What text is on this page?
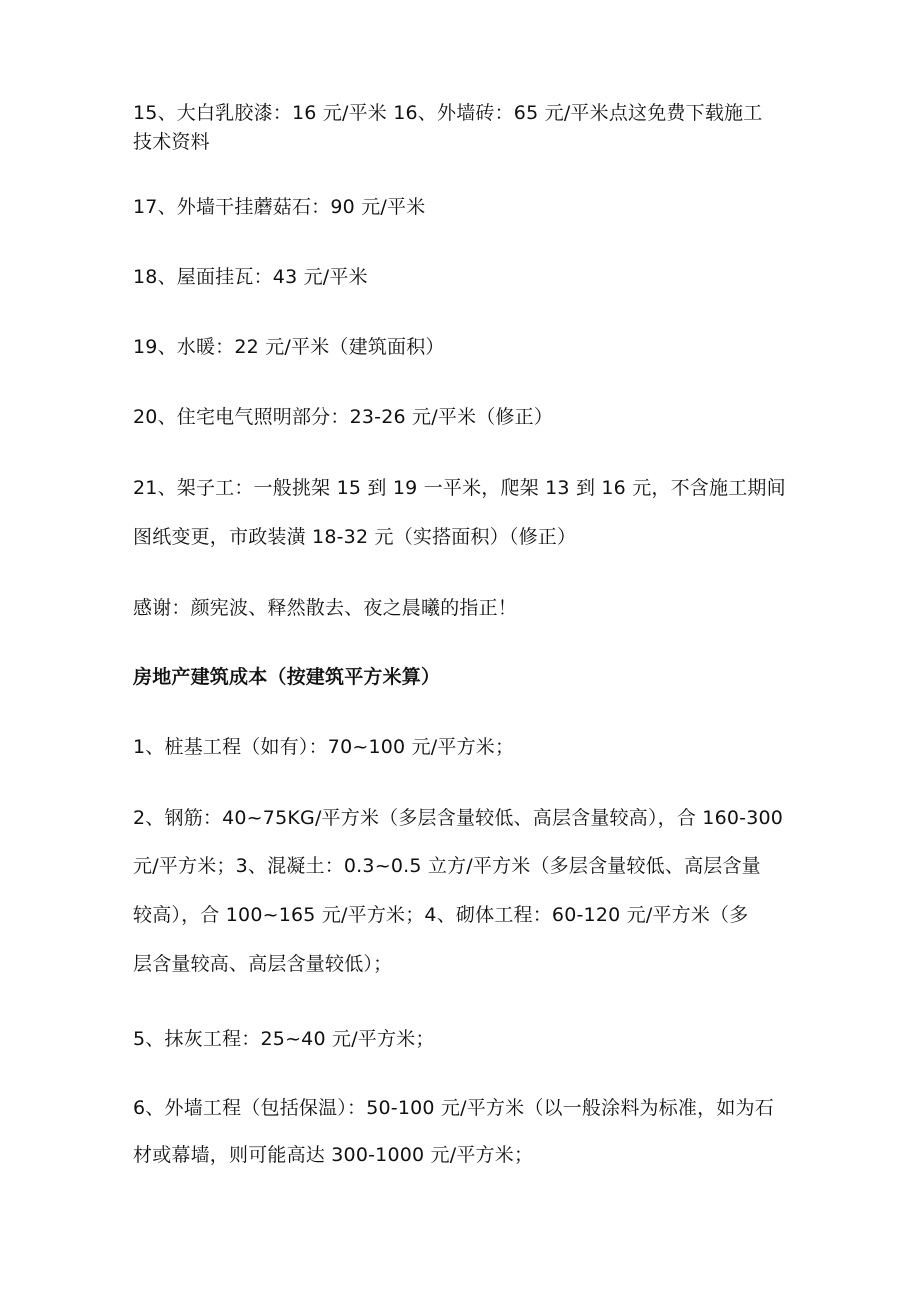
15、大白乳胶漆：16 元/平米 16、外墙砖：65 元/平米点这免费下载施工
技术资料
17、外墙干挂蘑菇石：90 元/平米
18、屋面挂瓦：43 元/平米
19、水暖：22 元/平米（建筑面积）
20、住宅电气照明部分：23-26 元/平米（修正）
21、架子工：一般挑架 15 到 19 一平米，爬架 13 到 16 元，不含施工期间
图纸变更，市政装潢 18-32 元（实搭面积）（修正）
感谢：颜宪波、释然散去、夜之晨曦的指正！
房地产建筑成本（按建筑平方米算）
1、桩基工程（如有）：70~100 元/平方米；
2、钢筋：40~75KG/平方米（多层含量较低、高层含量较高），合 160-300
元/平方米；3、混凝土：0.3~0.5 立方/平方米（多层含量较低、高层含量
较高），合 100~165 元/平方米；4、砌体工程：60-120 元/平方米（多
层含量较高、高层含量较低）；
5、抹灰工程：25~40 元/平方米；
6、外墙工程（包括保温）：50-100 元/平方米（以一般涂料为标准，如为石
材或幕墙，则可能高达 300-1000 元/平方米；
